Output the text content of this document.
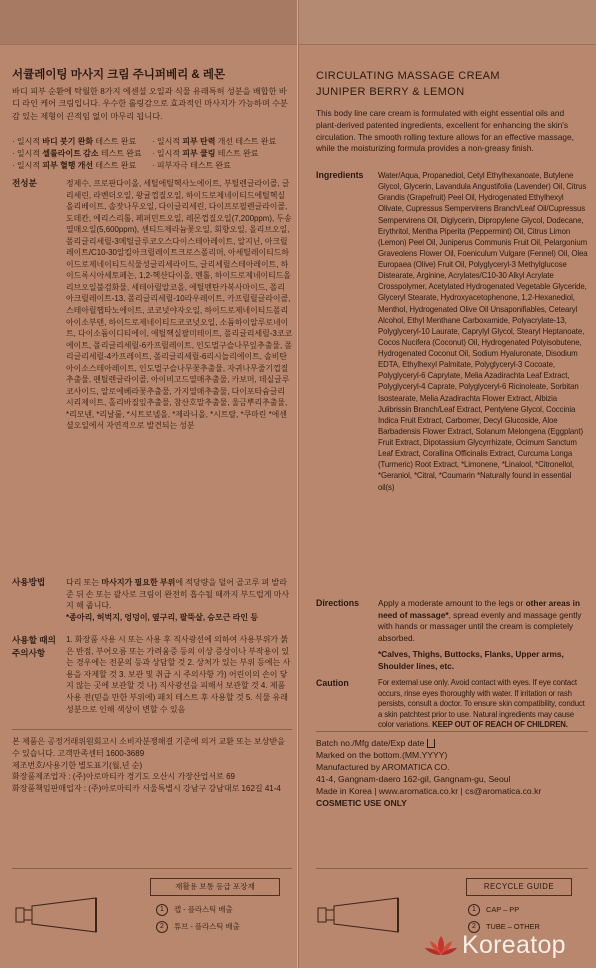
서큘레이팅 마사지 크림 주니퍼베리 & 레몬
바디 피부 순환에 탁월한 8가지 에센셜 오일과 식물 유래특허 성분을 배합한 바디 라인 케어 크림입니다. 우수한 롤링감으로 효과적인 마사지가 가능하며 수분감 있는 제형이 끈적임 없이 마무리 됩니다.
· 일시적 바디 붓기 완화 테스트 완료 · 일시적 피부 탄력 개선 테스트 완료
· 일시적 셀룰라이트 감소 테스트 완료 · 일시적 피부 쿨링 테스트 완료
· 일시적 피부 혈행 개선 테스트 완료 · 피부자극 테스트 완료
전성분	정제수, 프로판다이올, 세틸에틸헥사노에이트, 부틸렌글라이콜, 글리세린, 라벤더오일, 왕귤껍질오일, 하이드로제네이티드에틸헥실올리베이트, 솔잣나무오일, 다이글리세린, 다이프로필렌글라이콜, 도데칸, 에리스리톨, 페퍼민트오일, 레몬껍질오일(7,200ppm), 두송열매오일(5,600ppm), 센티드제라늄꽃오일, 회향오일, 올리브오일, 폴리글리세릴-3메틸글루코오스다이스테아레이트, 알지닌, 아크릴레이트/C10-30알킬아크릴레이트크로스폴리머, 아세틸레이티드하이드로제네이티드식물성글리세라이드, 글리세릴스테아레이트, 하이드록시아세토페논, 1,2-헥산다이올, 멘톨, 하이드로제네이티드올리브오일불검화물, 세테아릴알코올, 에틸멘탄카복사마이드, 폴리아크릴레이트-13, 폴리글리세릴-10라우레이트, 카프릴릴글라이콜, 스테아릴헵타노에이트, 코코넛야자오일, 하이드로제네이티드폴리아이소부텐, 하이드로제네이티드코코넛오일, 소듐하이알루로네이트, 다이소듐이디티에이, 에틸헥실팔미테이트, 폴리글리세릴-3코코에이트, 폴리글리세릴-6카프릴레이트, 인도멀구슬나무잎추출물, 폴리글리세릴-4카프레이트, 폴리글리세릴-6리시놀리에이트, 솔비탄아이소스테아레이트, 인도멀구슬나무꽃추출물, 자귀나무줄기껍질추출물, 펜틸렌글라이콜, 아이비고드열매추출물, 카보머, 데실글루코사이드, 알로에베라꽃추출물, 가지열매추출물, 다이포타슘글리시리제이트, 홀리바질잎추출물, 참산호말추출물, 울금뿌리추출물, *리모넨, *리날룰, *시트로넬올, *제라니올, *시트랄, *쿠마린 *에센셜오일에서 자연적으로 발견되는 성분
사용방법	다리 또는 마사지가 필요한 부위에 적당량을 덜어 골고루 펴 발라 준 뒤 손 또는 괄사로 크림이 완전히 흡수될 때까지 부드럽게 마사지 해 줍니다.
*종아리, 허벅지, 엉덩이, 옆구리, 팔뚝살, 승모근 라인 등
사용할 때의 주의사항
1. 화장품 사용 시 또는 사용 후 직사광선에 의하여 사용부위가 붉은 반점, 부어오름 또는 가려움증 등의 이상 증상이나 부작용이 있는 경우에는 전문의 등과 상담할 것 2. 상처가 있는 부위 등에는 사용을 자제할 것 3. 보관 및 취급 시 주의사항 가) 어린이의 손이 닿지 않는 곳에 보관할 것 나) 직사광선을 피해서 보관할 것 4. 제품 사용 전(믿을 만한 부위에) 패치 테스트 후 사용할 것 5. 식물 유래 성분으로 인해 색상이 변할 수 있음
본 제품은 공정거래위원회고시 소비자분쟁해결 기준에 의거 교환 또는 보상받을 수 있습니다. 고객만족센터 1600-3689
제조번호/사용기한 별도표기(월,년 순)
화장품제조업자 : (주)아로마티카 경기도 오산시 가장산업서로 69
화장품책임판매업자 : (주)아로마티카 서울특별시 강남구 강남대로 162길 41-4
재활용 보통 등급 포장재
1 캡 - 플라스틱 배출
2 튜브 - 플라스틱 배출
CIRCULATING MASSAGE CREAM
JUNIPER BERRY & LEMON
This body line care cream is formulated with eight essential oils and plant-derived patented ingredients, excellent for enhancing the skin's circulation. The smooth rolling texture allows for an effective massage, while the moisturizing formula provides a non-greasy finish.
Ingredients Water/Aqua, Propanediol, Cetyl Ethylhexanoate, Butylene Glycol, Glycerin, Lavandula Angustifolia (Lavender) Oil, Citrus Grandis (Grapefruit) Peel Oil, Hydrogenated Ethylhexyl Olivate, Cupressus Sempervirens Branch/Leaf Oil/Cupressus Sempervirens Oil, Diglycerin, Dipropylene Glycol, Dodecane, Erythritol, Mentha Piperita (Peppermint) Oil, Citrus Limon (Lemon) Peel Oil, Juniperus Communis Fruit Oil, Pelargonium Graveolens Flower Oil, Foeniculum Vulgare (Fennel) Oil, Olea Europaea (Olive) Fruit Oil, Polyglyceryl-3 Methylglucose Distearate, Arginine, Acrylates/C10-30 Alkyl Acrylate Crosspolymer, Acetylated Hydrogenated Vegetable Glyceride, Glyceryl Stearate, Hydroxyacetophenone, 1,2-Hexanediol, Menthol, Hydrogenated Olive Oil Unsaponifiables, Cetearyl Alcohol, Ethyl Menthane Carboxamide, Polyacrylate-13, Polyglyceryl-10 Laurate, Caprylyl Glycol, Stearyl Heptanoate, Cocos Nucifera (Coconut) Oil, Hydrogenated Polyisobutene, Hydrogenated Coconut Oil, Sodium Hyaluronate, Disodium EDTA, Ethylhexyl Palmitate, Polyglyceryl-3 Cocoate, Polyglyceryl-6 Caprylate, Melia Azadirachta Leaf Extract, Polyglyceryl-4 Caprate, Polyglyceryl-6 Ricinoleate, Sorbitan Isostearate, Melia Azadirachta Flower Extract, Albizia Julibrissin Branch/Leaf Extract, Pentylene Glycol, Coccinia Indica Fruit Extract, Carbomer, Decyl Glucoside, Aloe Barbadensis Flower Extract, Solanum Melongena (Eggplant) Fruit Extract, Dipotassium Glycyrrhizate, Ocimum Sanctum Leaf Extract, Corallina Officinalis Extract, Curcuma Longa (Turmeric) Root Extract, *Limonene, *Linalool, *Citronellol, *Geraniol, *Citral, *Coumarin *Naturally found in essential oil(s)
Directions Apply a moderate amount to the legs or other areas in need of massage*, spread evenly and massage gently with hands or massager until the cream is completely absorbed.
*Calves, Thighs, Buttocks, Flanks, Upper arms, Shoulder lines, etc.
Caution	For external use only. Avoid contact with eyes. If eye contact occurs, rinse eyes thoroughly with water. If irritation or rash persists, consult a doctor. To ensure skin compatibility, conduct a skin patchtest prior to use. Natural ingredients may cause color variations. KEEP OUT OF REACH OF CHILDREN.
Batch no./Mfg date/Exp date
Marked on the bottom.(MM.YYYY)
Manufactured by AROMATICA CO.
41-4, Gangnam-daero 162-gil, Gangnam-gu, Seoul
Made in Korea | www.aromatica.co.kr | cs@aromatica.co.kr
COSMETIC USE ONLY
RECYCLE GUIDE
1 CAP – PP
2 TUBE – OTHER
Koreatop
